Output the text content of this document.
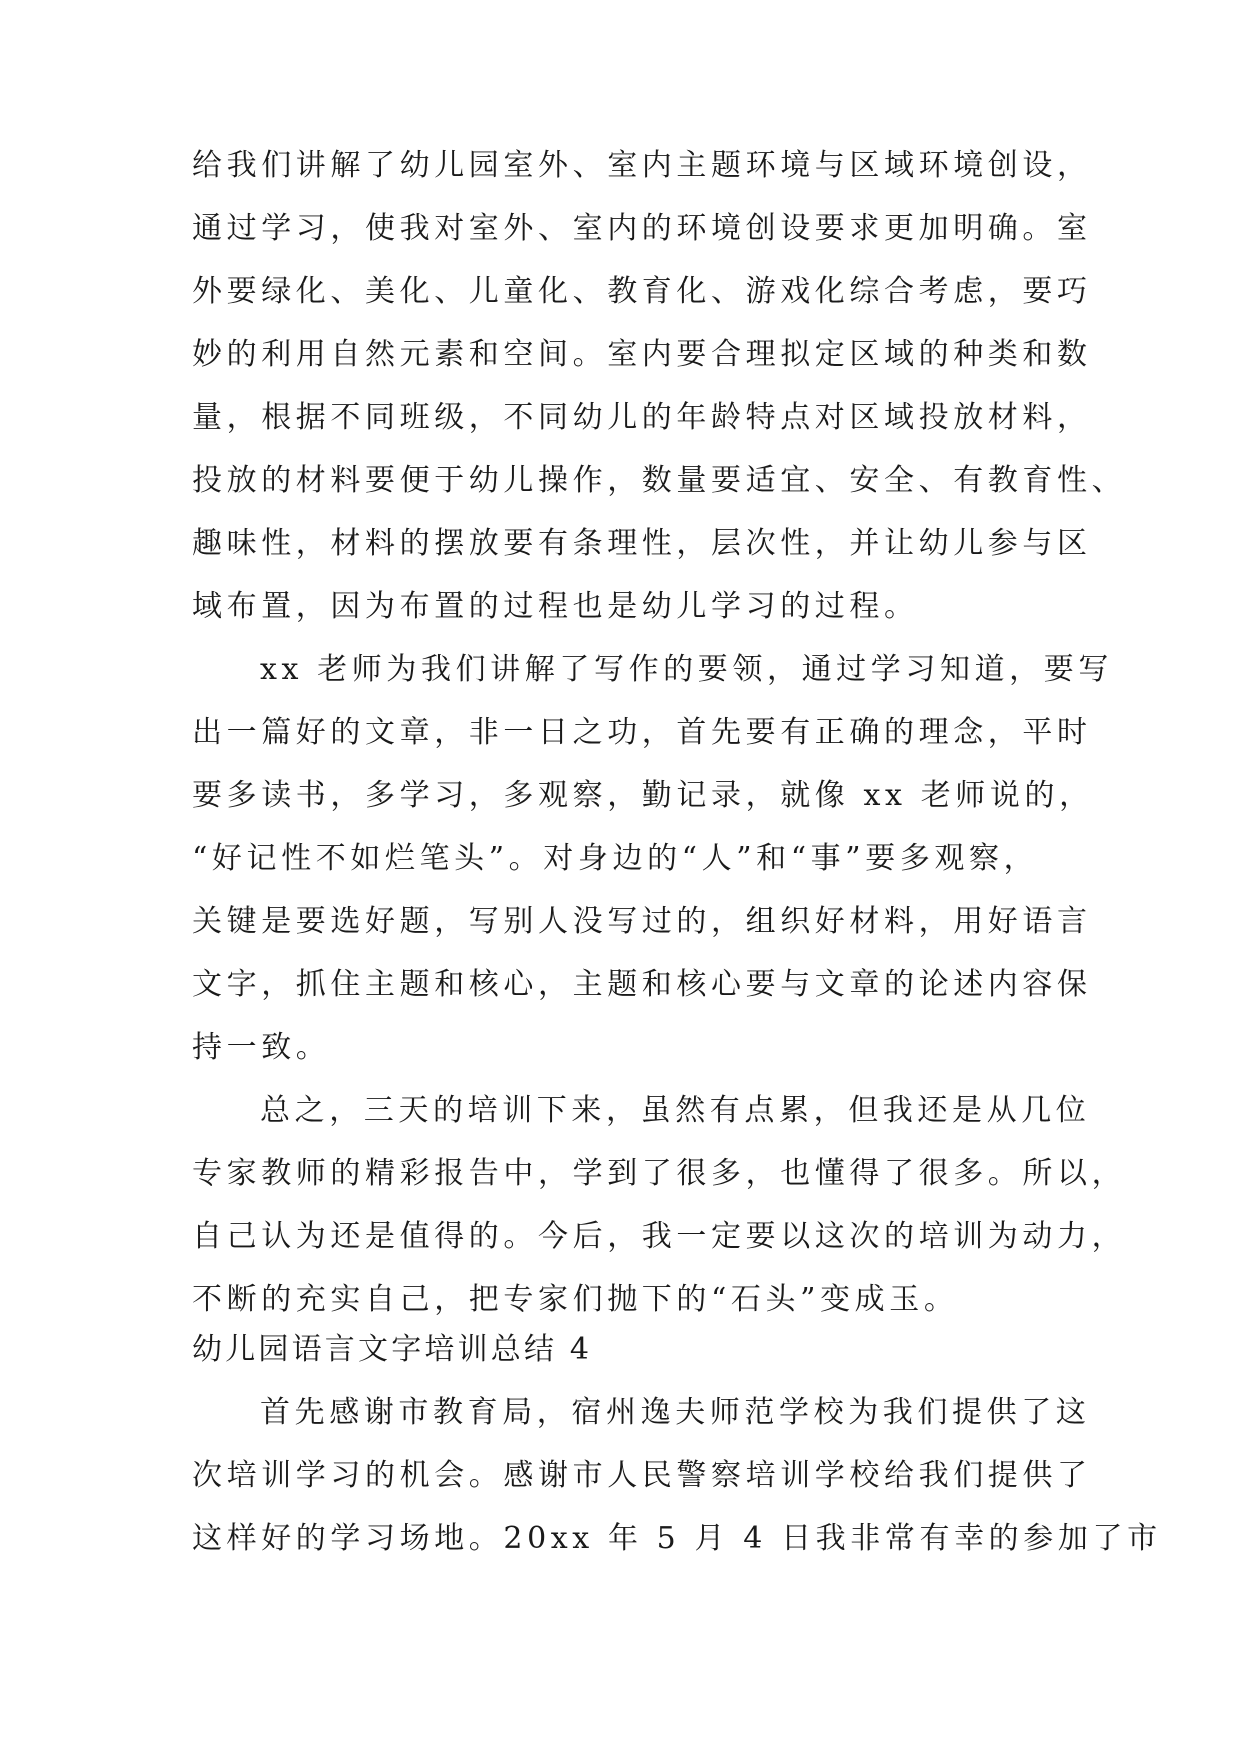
给我们讲解了幼儿园室外、室内主题环境与区域环境创设，
通过学习，使我对室外、室内的环境创设要求更加明确。室
外要绿化、美化、儿童化、教育化、游戏化综合考虑，要巧
妙的利用自然元素和空间。室内要合理拟定区域的种类和数
量，根据不同班级，不同幼儿的年龄特点对区域投放材料，
投放的材料要便于幼儿操作，数量要适宜、安全、有教育性、
趣味性，材料的摆放要有条理性，层次性，并让幼儿参与区
域布置，因为布置的过程也是幼儿学习的过程。
xx 老师为我们讲解了写作的要领，通过学习知道，要写
出一篇好的文章，非一日之功，首先要有正确的理念，平时
要多读书，多学习，多观察，勤记录，就像 xx 老师说的，
“好记性不如烂笔头”。对身边的“人”和“事”要多观察，
关键是要选好题，写别人没写过的，组织好材料，用好语言
文字，抓住主题和核心，主题和核心要与文章的论述内容保
持一致。
总之，三天的培训下来，虽然有点累，但我还是从几位
专家教师的精彩报告中，学到了很多，也懂得了很多。所以，
自己认为还是值得的。今后，我一定要以这次的培训为动力，
不断的充实自己，把专家们抛下的“石头”变成玉。
幼儿园语言文字培训总结 4
首先感谢市教育局，宿州逸夫师范学校为我们提供了这
次培训学习的机会。感谢市人民警察培训学校给我们提供了
这样好的学习场地。20xx 年 5 月 4 日我非常有幸的参加了市
